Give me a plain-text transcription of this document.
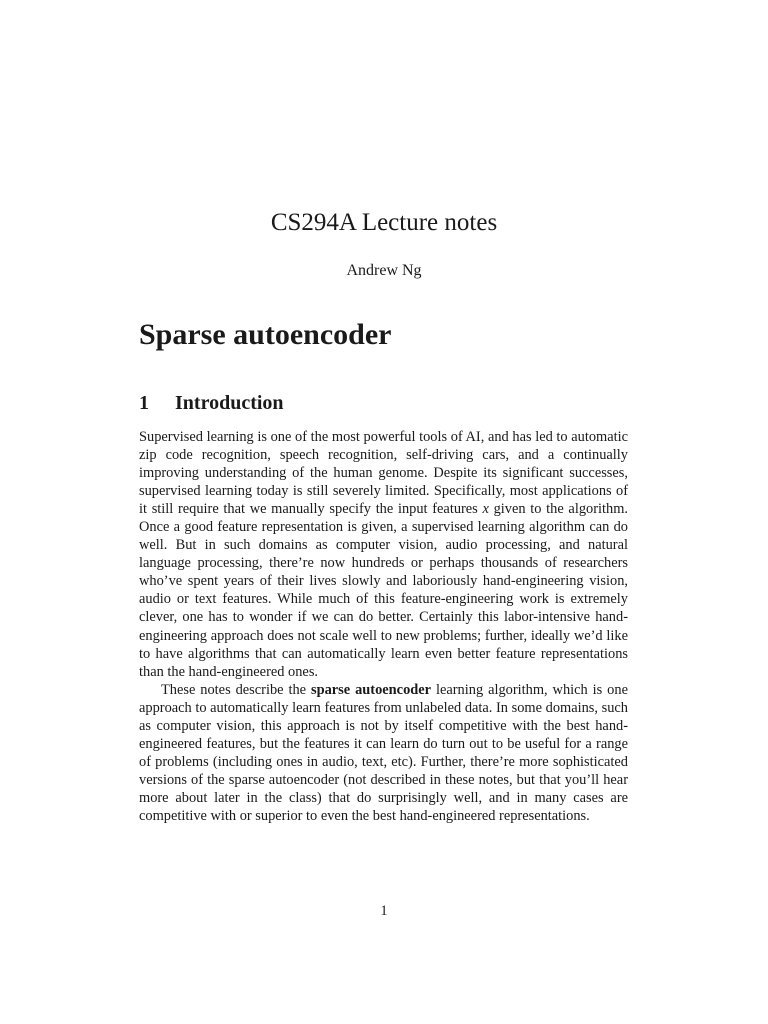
CS294A Lecture notes
Andrew Ng
Sparse autoencoder
1 Introduction

Supervised learning is one of the most powerful tools of AI, and has led to automatic zip code recognition, speech recognition, self-driving cars, and a continually improving understanding of the human genome. Despite its significant successes, supervised learning today is still severely limited. Specifically, most applications of it still require that we manually specify the input features x given to the algorithm. Once a good feature representation is given, a supervised learning algorithm can do well. But in such domains as computer vision, audio processing, and natural language processing, there’re now hundreds or perhaps thousands of researchers who’ve spent years of their lives slowly and laboriously hand-engineering vision, audio or text features. While much of this feature-engineering work is extremely clever, one has to wonder if we can do better. Certainly this labor-intensive hand-engineering approach does not scale well to new problems; further, ideally we’d like to have algorithms that can automatically learn even better feature representations than the hand-engineered ones.

These notes describe the sparse autoencoder learning algorithm, which is one approach to automatically learn features from unlabeled data. In some domains, such as computer vision, this approach is not by itself competitive with the best hand-engineered features, but the features it can learn do turn out to be useful for a range of problems (including ones in audio, text, etc). Further, there’re more sophisticated versions of the sparse autoencoder (not described in these notes, but that you’ll hear more about later in the class) that do surprisingly well, and in many cases are competitive with or superior to even the best hand-engineered representations.

1
